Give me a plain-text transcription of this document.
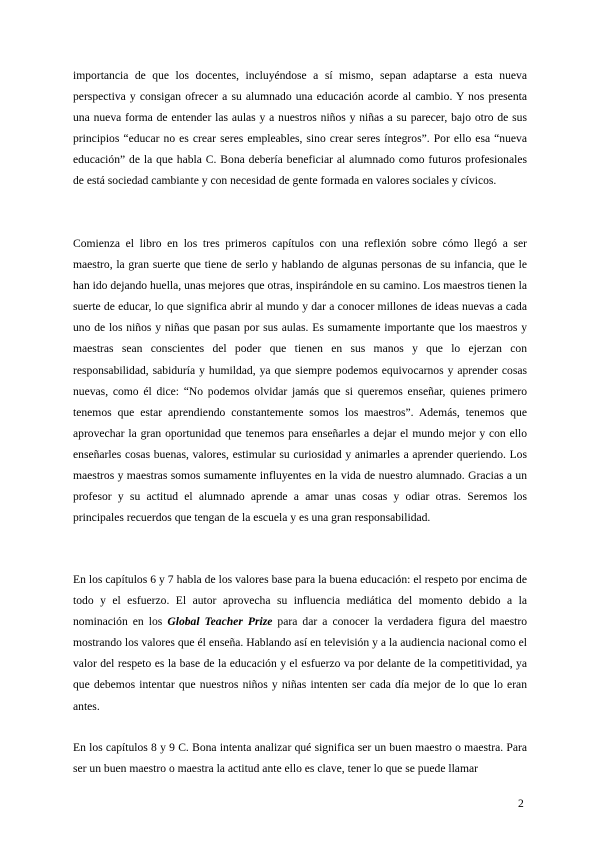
importancia de que los docentes, incluyéndose a sí mismo, sepan adaptarse a esta nueva perspectiva y consigan ofrecer a su alumnado una educación acorde al cambio. Y nos presenta una nueva forma de entender las aulas y a nuestros niños y niñas a su parecer, bajo otro de sus principios “educar no es crear seres empleables, sino crear seres íntegros”. Por ello esa “nueva educación” de la que habla C. Bona debería beneficiar al alumnado como futuros profesionales de está sociedad cambiante y con necesidad de gente formada en valores sociales y cívicos.

Comienza el libro en los tres primeros capítulos con una reflexión sobre cómo llegó a ser maestro, la gran suerte que tiene de serlo y hablando de algunas personas de su infancia, que le han ido dejando huella, unas mejores que otras, inspirándole en su camino. Los maestros tienen la suerte de educar, lo que significa abrir al mundo y dar a conocer millones de ideas nuevas a cada uno de los niños y niñas que pasan por sus aulas. Es sumamente importante que los maestros y maestras sean conscientes del poder que tienen en sus manos y que lo ejerzan con responsabilidad, sabiduría y humildad, ya que siempre podemos equivocarnos y aprender cosas nuevas, como él dice: “No podemos olvidar jamás que si queremos enseñar, quienes primero tenemos que estar aprendiendo constantemente somos los maestros”. Además, tenemos que aprovechar la gran oportunidad que tenemos para enseñarles a dejar el mundo mejor y con ello enseñarles cosas buenas, valores, estimular su curiosidad y animarles a aprender queriendo. Los maestros y maestras somos sumamente influyentes en la vida de nuestro alumnado. Gracias a un profesor y su actitud el alumnado aprende a amar unas cosas y odiar otras. Seremos los principales recuerdos que tengan de la escuela y es una gran responsabilidad.

En los capítulos 6 y 7 habla de los valores base para la buena educación: el respeto por encima de todo y el esfuerzo. El autor aprovecha su influencia mediática del momento debido a la nominación en los Global Teacher Prize para dar a conocer la verdadera figura del maestro mostrando los valores que él enseña. Hablando así en televisión y a la audiencia nacional como el valor del respeto es la base de la educación y el esfuerzo va por delante de la competitividad, ya que debemos intentar que nuestros niños y niñas intenten ser cada día mejor de lo que lo eran antes.

En los capítulos 8 y 9 C. Bona intenta analizar qué significa ser un buen maestro o maestra. Para ser un buen maestro o maestra la actitud ante ello es clave, tener lo que se puede llamar

2
